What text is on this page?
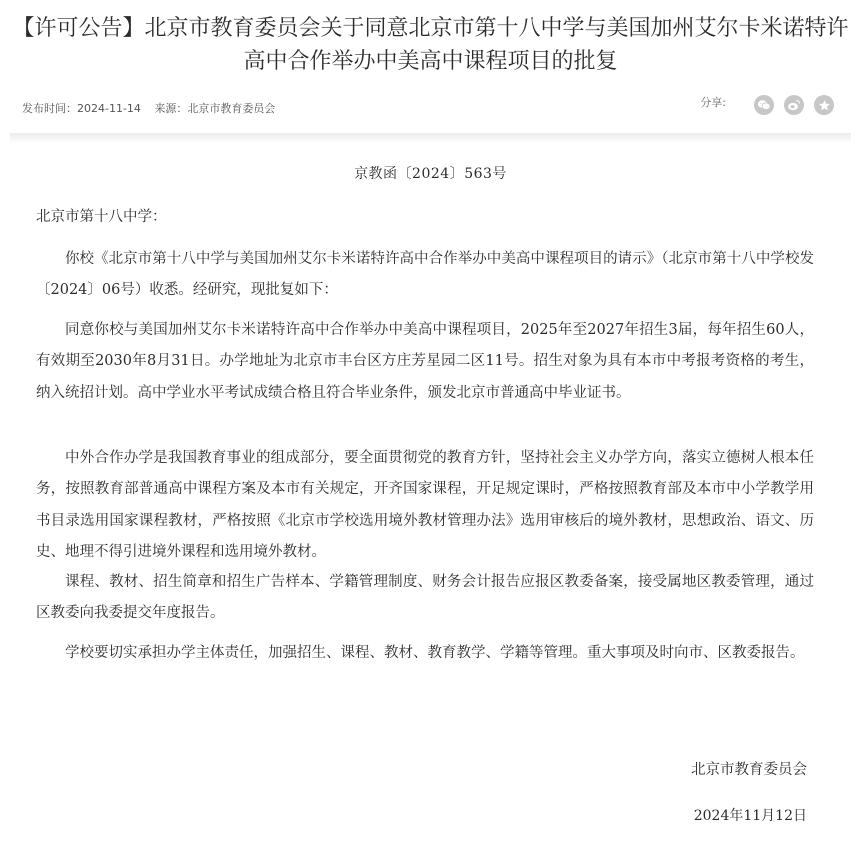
【许可公告】北京市教育委员会关于同意北京市第十八中学与美国加州艾尔卡米诺特许高中合作举办中美高中课程项目的批复
发布时间：2024-11-14 来源：北京市教育委员会	分享:
京教函〔2024〕563号
北京市第十八中学：

你校《北京市第十八中学与美国加州艾尔卡米诺特许高中合作举办中美高中课程项目的请示》（北京市第十八中学校发〔2024〕06号）收悉。经研究，现批复如下：

同意你校与美国加州艾尔卡米诺特许高中合作举办中美高中课程项目，2025年至2027年招生3届，每年招生60人，有效期至2030年8月31日。办学地址为北京市丰台区方庄芳星园二区11号。招生对象为具有本市中考报考资格的考生，纳入统招计划。高中学业水平考试成绩合格且符合毕业条件，颁发北京市普通高中毕业证书。

中外合作办学是我国教育事业的组成部分，要全面贯彻党的教育方针，坚持社会主义办学方向，落实立德树人根本任务，按照教育部普通高中课程方案及本市有关规定，开齐国家课程，开足规定课时，严格按照教育部及本市中小学教学用书目录选用国家课程教材，严格按照《北京市学校选用境外教材管理办法》选用审核后的境外教材，思想政治、语文、历史、地理不得引进境外课程和选用境外教材。

课程、教材、招生简章和招生广告样本、学籍管理制度、财务会计报告应报区教委备案，接受属地区教委管理，通过区教委向我委提交年度报告。

学校要切实承担办学主体责任，加强招生、课程、教材、教育教学、学籍等管理。重大事项及时向市、区教委报告。

北京市教育委员会
2024年11月12日
